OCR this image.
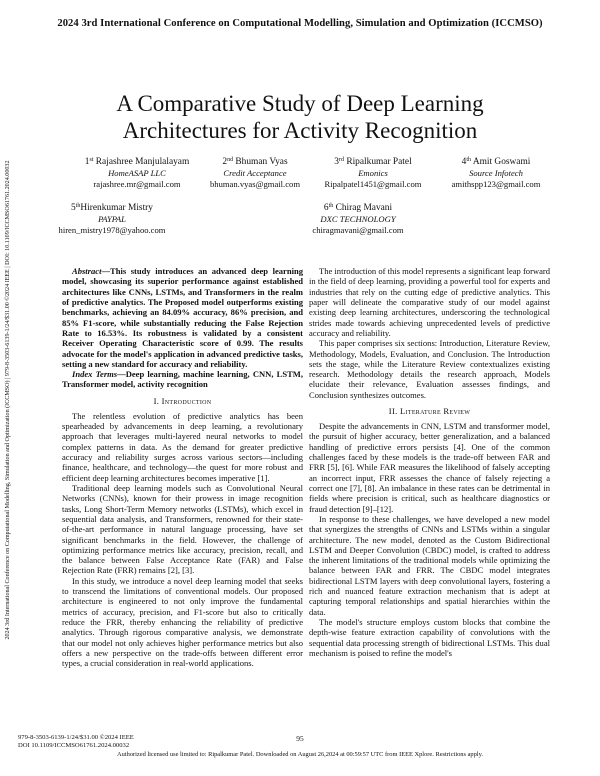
2024 3rd International Conference on Computational Modelling, Simulation and Optimization (ICCMSO)
2024 3rd International Conference on Computational Modelling, Simulation and Optimization (ICCMSO) | 979-8-3503-6139-1/24/$31.00 ©2024 IEEE | DOI: 10.1109/ICCMSO61761.2024.00032
A Comparative Study of Deep Learning
Architectures for Activity Recognition
1st Rajashree Manjulalayam
HomeASAP LLC
rajashree.mr@gmail.com
2nd Bhuman Vyas
Credit Acceptance
bhuman.vyas@gmail.com
3rd Ripalkumar Patel
Emonics
Ripalpatel1451@gmail.com
4th Amit Goswami
Source Infotech
amithspp123@gmail.com
5thHirenkumar Mistry
PAYPAL
hiren_mistry1978@yahoo.com
6th Chirag Mavani
DXC TECHNOLOGY
chiragmavani@gmail.com

Abstract—This study introduces an advanced deep learning model, showcasing its superior performance against established architectures like CNNs, LSTMs, and Transformers in the realm of predictive analytics. The Proposed model outperforms existing benchmarks, achieving an 84.09% accuracy, 86% precision, and 85% F1-score, while substantially reducing the False Rejection Rate to 16.53%. Its robustness is validated by a consistent Receiver Operating Characteristic score of 0.99. The results advocate for the model's application in advanced predictive tasks, setting a new standard for accuracy and reliability.

Index Terms—Deep learning, machine learning, CNN, LSTM, Transformer model, activity recognition

I. Introduction

The relentless evolution of predictive analytics has been spearheaded by advancements in deep learning, a revolutionary approach that leverages multi-layered neural networks to model complex patterns in data. As the demand for greater predictive accuracy and reliability surges across various sectors—including finance, healthcare, and technology—the quest for more robust and efficient deep learning architectures becomes imperative [1].

Traditional deep learning models such as Convolutional Neural Networks (CNNs), known for their prowess in image recognition tasks, Long Short-Term Memory networks (LSTMs), which excel in sequential data analysis, and Transformers, renowned for their state-of-the-art performance in natural language processing, have set significant benchmarks in the field. However, the challenge of optimizing performance metrics like accuracy, precision, recall, and the balance between False Acceptance Rate (FAR) and False Rejection Rate (FRR) remains [2], [3].

In this study, we introduce a novel deep learning model that seeks to transcend the limitations of conventional models. Our proposed architecture is engineered to not only improve the fundamental metrics of accuracy, precision, and F1-score but also to critically reduce the FRR, thereby enhancing the reliability of predictive analytics. Through rigorous comparative analysis, we demonstrate that our model not only achieves higher performance metrics but also offers a new perspective on the trade-offs between different error types, a crucial consideration in real-world applications.

The introduction of this model represents a significant leap forward in the field of deep learning, providing a powerful tool for experts and industries that rely on the cutting edge of predictive analytics. This paper will delineate the comparative study of our model against existing deep learning architectures, underscoring the technological strides made towards achieving unprecedented levels of predictive accuracy and reliability.

This paper comprises six sections: Introduction, Literature Review, Methodology, Models, Evaluation, and Conclusion. The Introduction sets the stage, while the Literature Review contextualizes existing research. Methodology details the research approach, Models elucidate their relevance, Evaluation assesses findings, and Conclusion synthesizes outcomes.

II. Literature Review

Despite the advancements in CNN, LSTM and transformer model, the pursuit of higher accuracy, better generalization, and a balanced handling of predictive errors persists [4]. One of the common challenges faced by these models is the trade-off between FAR and FRR [5], [6]. While FAR measures the likelihood of falsely accepting an incorrect input, FRR assesses the chance of falsely rejecting a correct one [7], [8]. An imbalance in these rates can be detrimental in fields where precision is critical, such as healthcare diagnostics or fraud detection [9]–[12].

In response to these challenges, we have developed a new model that synergizes the strengths of CNNs and LSTMs within a singular architecture. The new model, denoted as the Custom Bidirectional LSTM and Deeper Convolution (CBDC) model, is crafted to address the inherent limitations of the traditional models while optimizing the balance between FAR and FRR. The CBDC model integrates bidirectional LSTM layers with deep convolutional layers, fostering a rich and nuanced feature extraction mechanism that is adept at capturing temporal relationships and spatial hierarchies within the data.

The model's structure employs custom blocks that combine the depth-wise feature extraction capability of convolutions with the sequential data processing strength of bidirectional LSTMs. This dual mechanism is poised to refine the model's

979-8-3503-6139-1/24/$31.00 ©2024 IEEE
DOI 10.1109/ICCMSO61761.2024.00032
95
Authorized licensed use limited to: Ripalkumar Patel. Downloaded on August 26,2024 at 00:59:57 UTC from IEEE Xplore. Restrictions apply.
